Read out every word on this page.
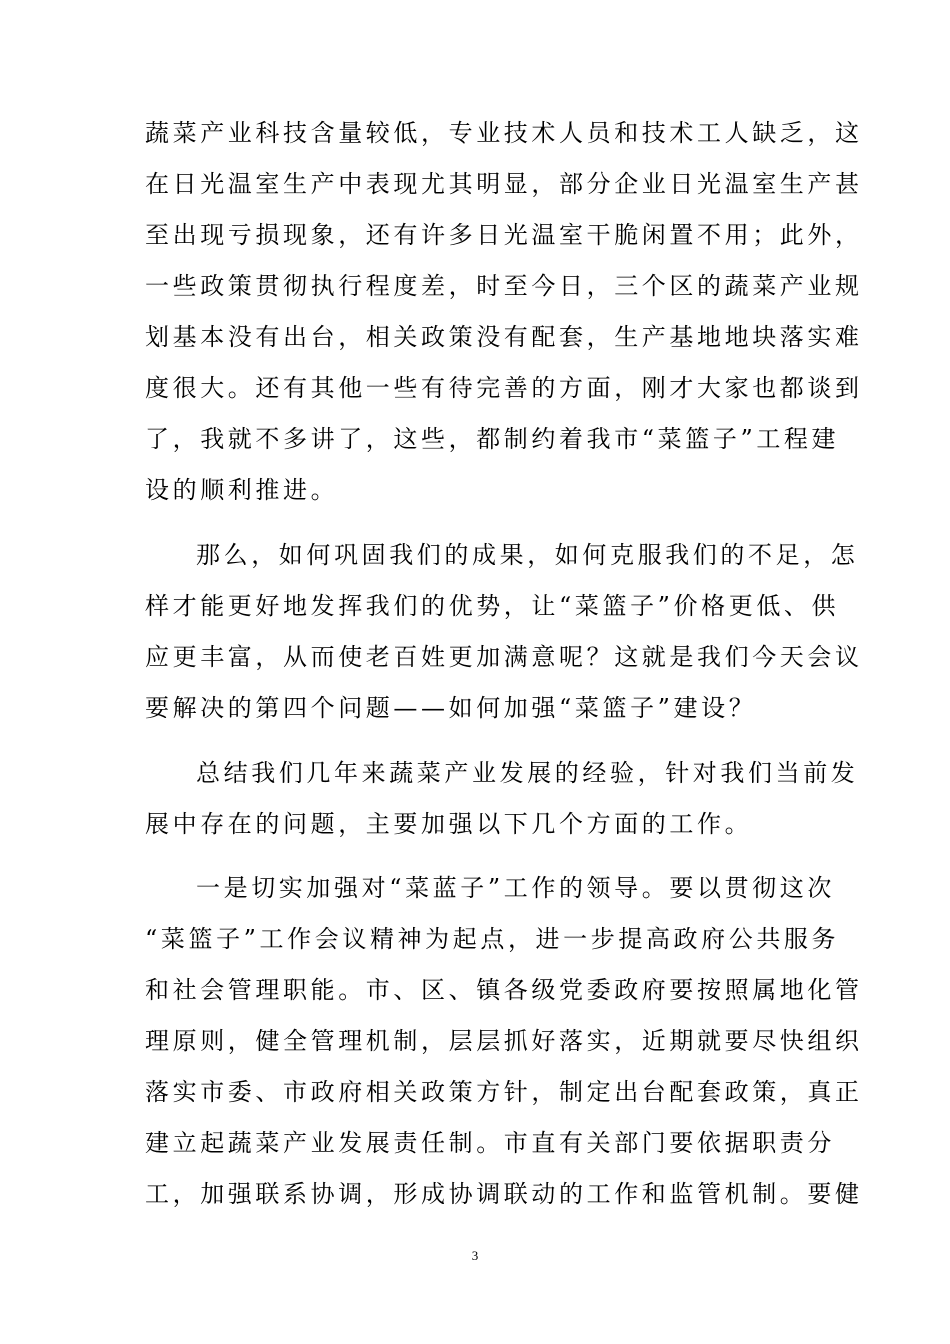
蔬菜产业科技含量较低，专业技术人员和技术工人缺乏，这
在日光温室生产中表现尤其明显，部分企业日光温室生产甚
至出现亏损现象，还有许多日光温室干脆闲置不用；此外，
一些政策贯彻执行程度差，时至今日，三个区的蔬菜产业规
划基本没有出台，相关政策没有配套，生产基地地块落实难
度很大。还有其他一些有待完善的方面，刚才大家也都谈到
了，我就不多讲了，这些，都制约着我市“菜篮子”工程建
设的顺利推进。
那么，如何巩固我们的成果，如何克服我们的不足，怎
样才能更好地发挥我们的优势，让“菜篮子”价格更低、供
应更丰富，从而使老百姓更加满意呢？这就是我们今天会议
要解决的第四个问题——如何加强“菜篮子”建设？
总结我们几年来蔬菜产业发展的经验，针对我们当前发
展中存在的问题，主要加强以下几个方面的工作。
一是切实加强对“菜蓝子”工作的领导。要以贯彻这次
“菜篮子”工作会议精神为起点，进一步提高政府公共服务
和社会管理职能。市、区、镇各级党委政府要按照属地化管
理原则，健全管理机制，层层抓好落实，近期就要尽快组织
落实市委、市政府相关政策方针，制定出台配套政策，真正
建立起蔬菜产业发展责任制。市直有关部门要依据职责分
工，加强联系协调，形成协调联动的工作和监管机制。要健
3
